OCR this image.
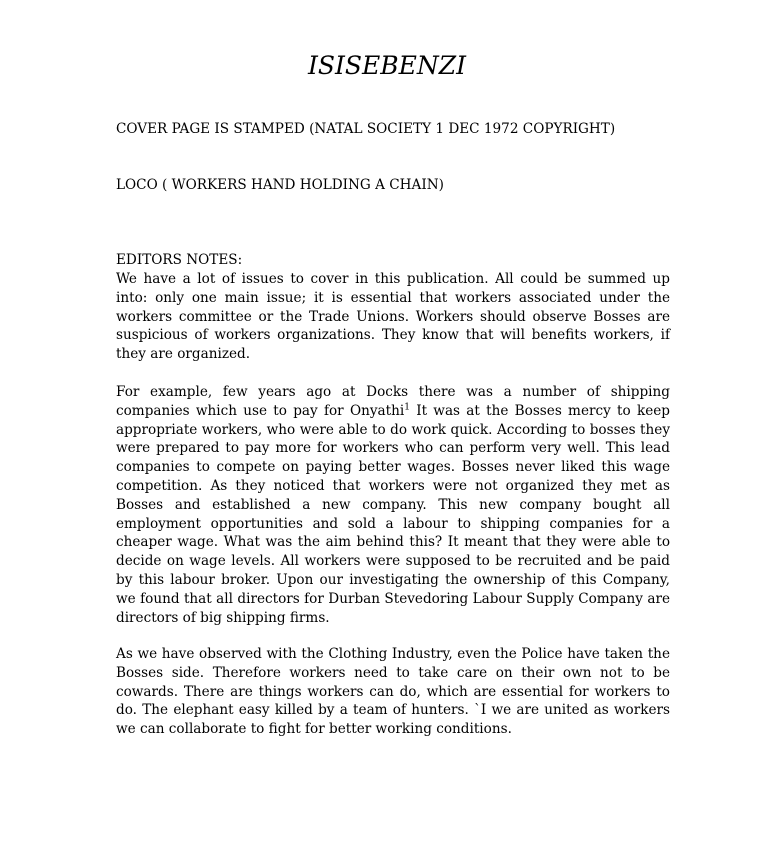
ISISEBENZI

COVER PAGE IS STAMPED (NATAL SOCIETY 1 DEC 1972 COPYRIGHT)

LOCO ( WORKERS HAND HOLDING A CHAIN)

EDITORS NOTES:

We have a lot of issues to cover in this publication. All could be summed up into: only one main issue; it is essential that workers associated under the workers committee or the Trade Unions. Workers should observe Bosses are suspicious of workers organizations. They know that will benefits workers, if they are organized.

For example, few years ago at Docks there was a number of shipping companies which use to pay for Onyathi$^1$ It was at the Bosses mercy to keep appropriate workers, who were able to do work quick. According to bosses they were prepared to pay more for workers who can perform very well. This lead companies to compete on paying better wages. Bosses never liked this wage competition. As they noticed that workers were not organized they met as Bosses and established a new company. This new company bought all employment opportunities and sold a labour to shipping companies for a cheaper wage. What was the aim behind this? It meant that they were able to decide on wage levels. All workers were supposed to be recruited and be paid by this labour broker. Upon our investigating the ownership of this Company, we found that all directors for Durban Stevedoring Labour Supply Company are directors of big shipping firms.

As we have observed with the Clothing Industry, even the Police have taken the Bosses side. Therefore workers need to take care on their own not to be cowards. There are things workers can do, which are essential for workers to do. The elephant easy killed by a team of hunters. `I we are united as workers we can collaborate to fight for better working conditions.
